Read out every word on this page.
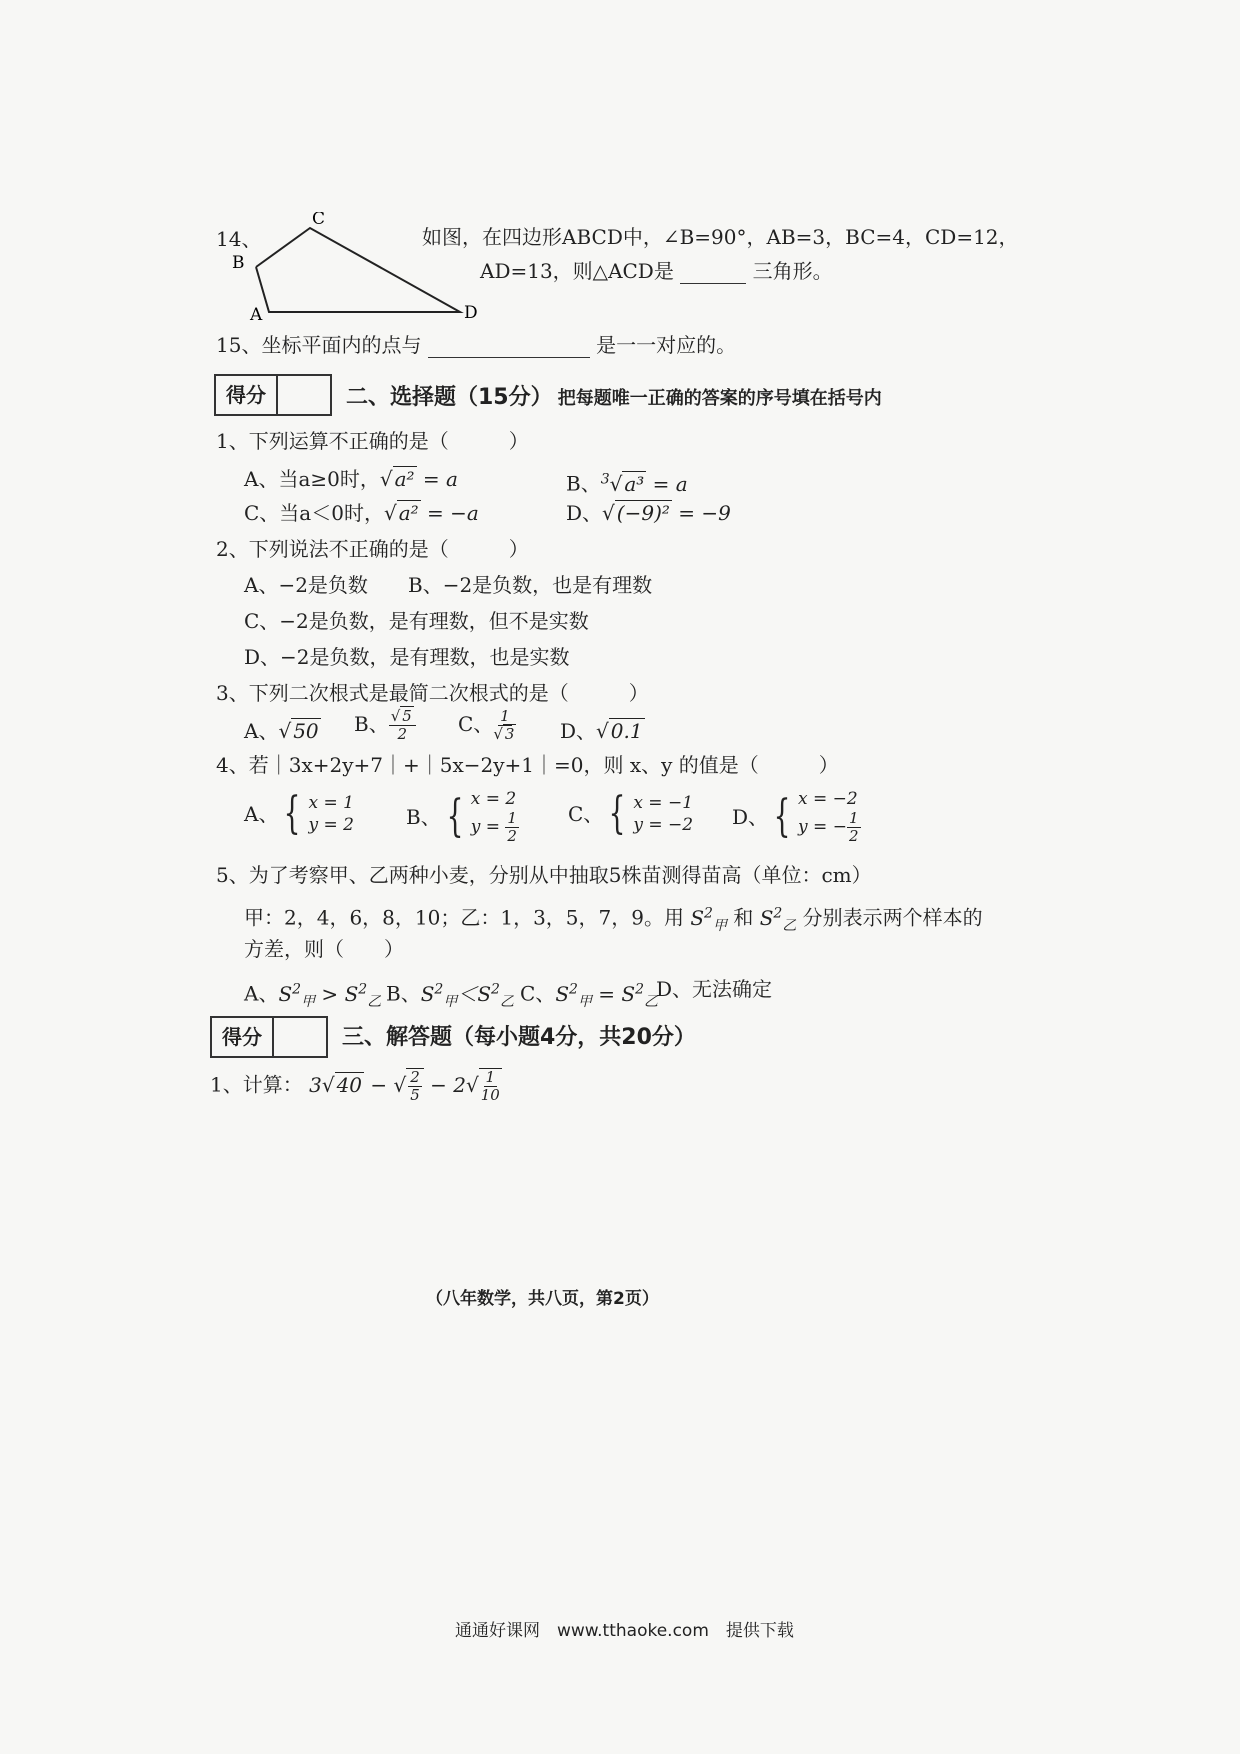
14、
B
C
A	D
如图，在四边形ABCD中，∠B=90°，AB=3，BC=4，CD=12，
AD=13，则△ACD是	三角形。
15、坐标平面内的点与	是一一对应的。
得分	二、选择题（15分） 把每题唯一正确的答案的序号填在括号内
1、下列运算不正确的是（　　　）
A、当a≥0时，√ a² = a	B、$^3$√ a³ = a
C、当a＜0时，√ a² = −a	D、√ (−9)² = −9
2、下列说法不正确的是（　　　）
A、−2是负数 B、−2是负数，也是有理数
C、−2是负数，是有理数，但不是实数
D、−2是负数，是有理数，也是实数
3、下列二次根式是最简二次根式的是（　　　）
A、√ 50 B、 $\frac{√ 5}{2}$ C、 $\frac{1}{√ 3}$ D、√ 0.1
4、若｜3x+2y+7｜+｜5x−2y+1｜=0，则 x、y 的值是（　　　）
A、 { x = 1
y = 2	B、 { x = 2
$y = \frac{1}{2}$ C、 { x = −1
y = −2 D、 { x = −2
y = − $\frac{1}{2}$
5、为了考察甲、乙两种小麦，分别从中抽取5株苗测得苗高（单位：cm）
甲：2，4，6，8，10；乙：1，3，5，7，9。用 $S^2_甲$ 和 $S^2_乙$ 分别表示两个样本的
方差，则（　　）
A、$S^2_甲 > S^2_乙$ B、$S^2_甲<S^2_乙$ C、$S^2_甲 = S^2_乙$
D、无法确定
得分	三、解答题（每小题4分，共20分）
1、计算： 3√ 40 − √ $\frac{2}{5} - 2√ \frac{1}{10}$
（八年数学，共八页，第2页）
通通好课网　www.tthaoke.com　提供下载
